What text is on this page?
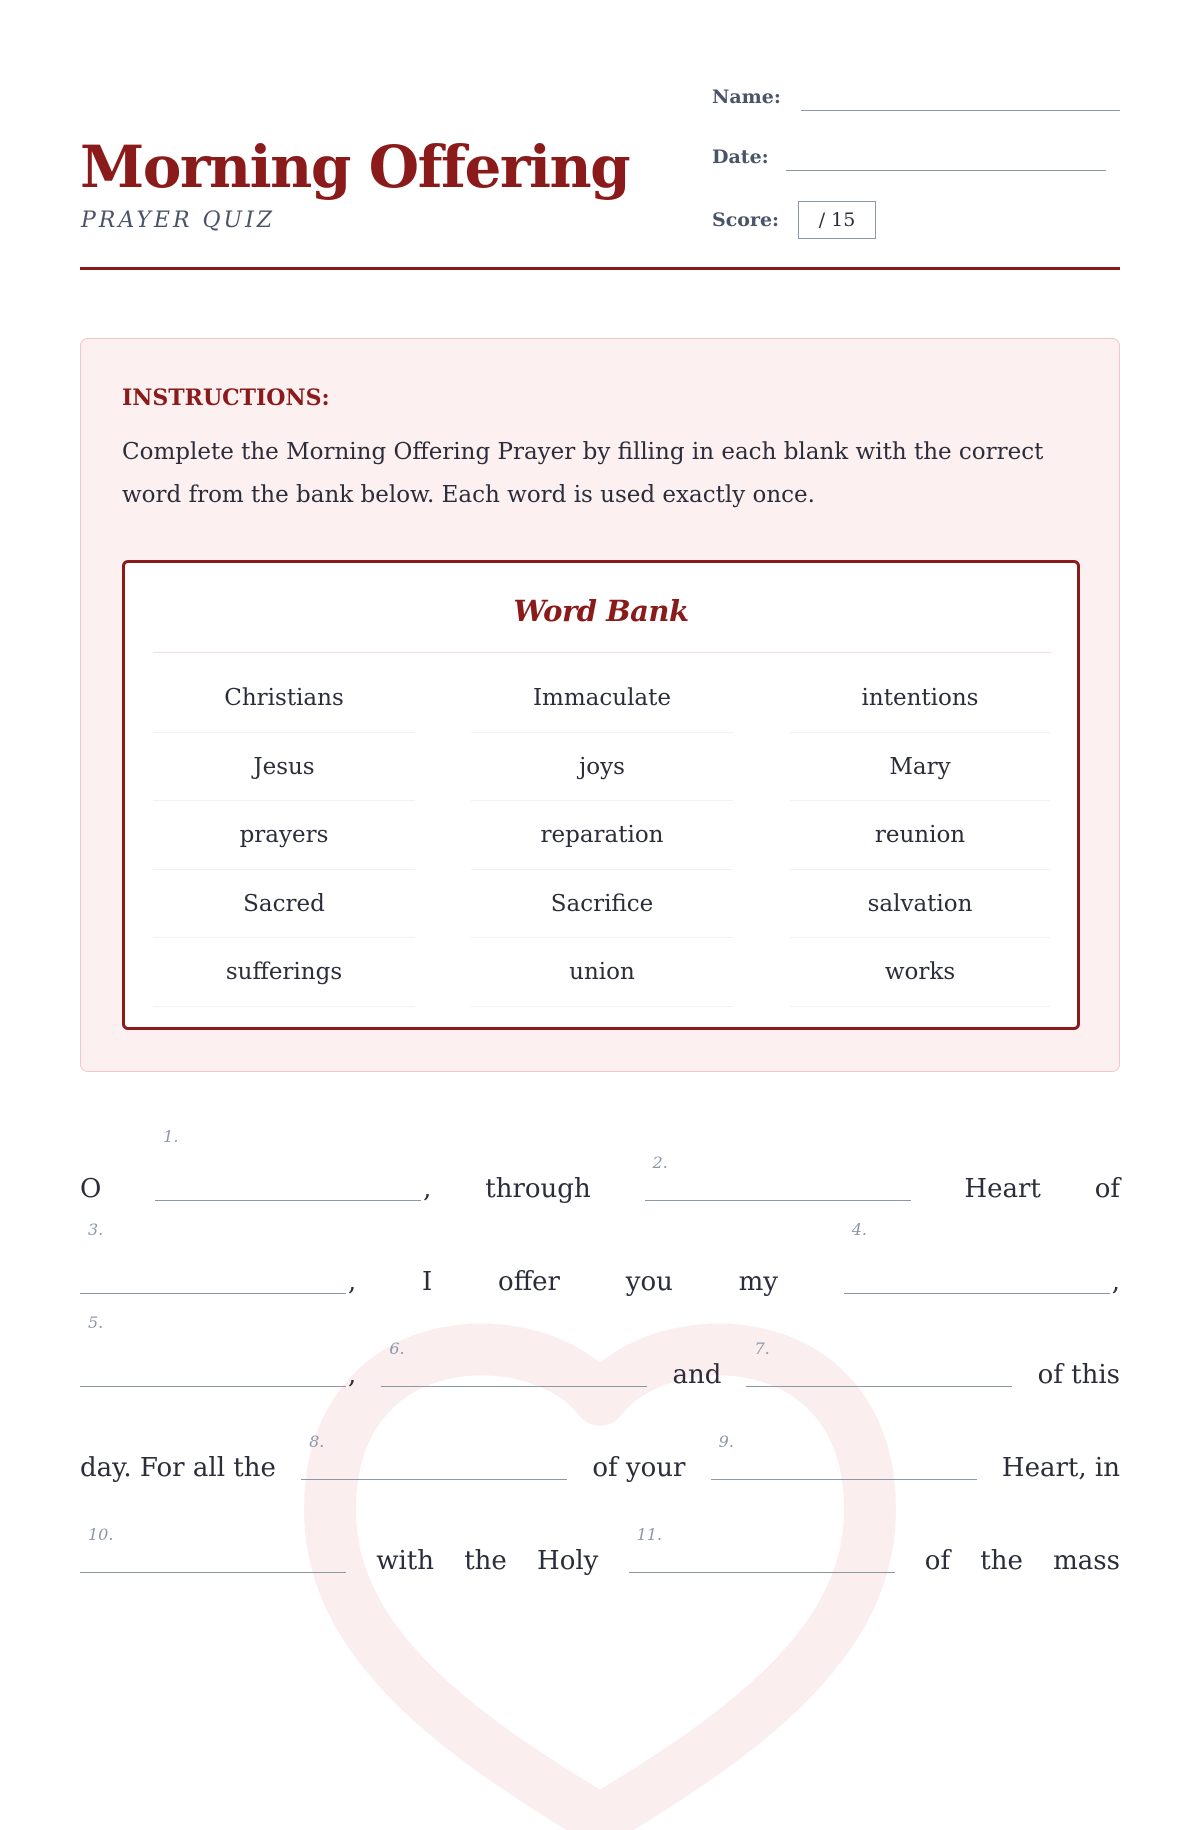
Morning Offering
PRAYER QUIZ
Name:
Date:
Score: / 15
INSTRUCTIONS:

Complete the Morning Offering Prayer by filling in each blank with the correct word from the bank below. Each word is used exactly once.

Word Bank
Christians	Immaculate	intentions
Jesus	joys	Mary
prayers	reparation	reunion
Sacred	Sacrifice	salvation
sufferings	union	works
O
1.
, through
2.
Heart of
3.
,	I	offer	you	my
4.
,
5.
,
6.
and
7.
of this
day. For all the
8.
of your
9.
Heart, in
10.
with the Holy
11.
of the mass
